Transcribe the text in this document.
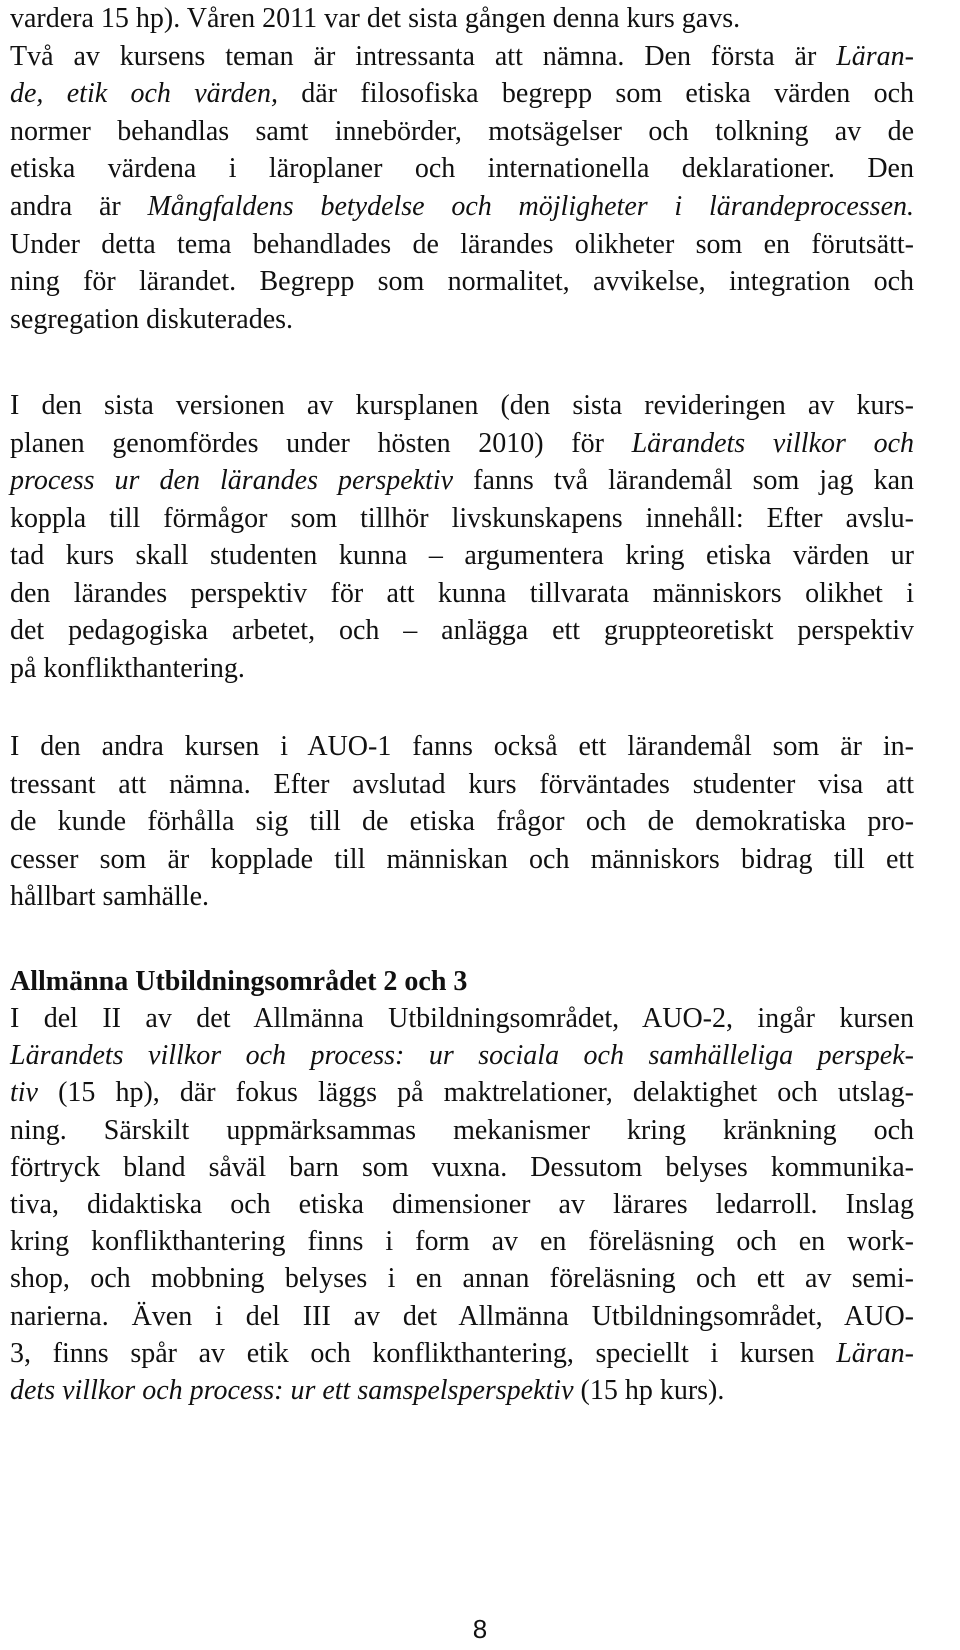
vardera 15 hp). Våren 2011 var det sista gången denna kurs gavs.
Två av kursens teman är intressanta att nämna. Den första är Läran-
de, etik och värden, där filosofiska begrepp som etiska värden och
normer behandlas samt innebörder, motsägelser och tolkning av de
etiska värdena i läroplaner och internationella deklarationer. Den
andra är Mångfaldens betydelse och möjligheter i lärandeprocessen.
Under detta tema behandlades de lärandes olikheter som en förutsätt-
ning för lärandet. Begrepp som normalitet, avvikelse, integration och
segregation diskuterades.
I den sista versionen av kursplanen (den sista revideringen av kurs-
planen genomfördes under hösten 2010) för Lärandets villkor och
process ur den lärandes perspektiv fanns två lärandemål som jag kan
koppla till förmågor som tillhör livskunskapens innehåll: Efter avslu-
tad kurs skall studenten kunna – argumentera kring etiska värden ur
den lärandes perspektiv för att kunna tillvarata människors olikhet i
det pedagogiska arbetet, och – anlägga ett gruppteoretiskt perspektiv
på konflikthantering.
I den andra kursen i AUO-1 fanns också ett lärandemål som är in-
tressant att nämna. Efter avslutad kurs förväntades studenter visa att
de kunde förhålla sig till de etiska frågor och de demokratiska pro-
cesser som är kopplade till människan och människors bidrag till ett
hållbart samhälle.
Allmänna Utbildningsområdet 2 och 3
I del II av det Allmänna Utbildningsområdet, AUO-2, ingår kursen
Lärandets villkor och process: ur sociala och samhälleliga perspek-
tiv (15 hp), där fokus läggs på maktrelationer, delaktighet och utslag-
ning. Särskilt uppmärksammas mekanismer kring kränkning och
förtryck bland såväl barn som vuxna. Dessutom belyses kommunika-
tiva, didaktiska och etiska dimensioner av lärares ledarroll. Inslag
kring konflikthantering finns i form av en föreläsning och en work-
shop, och mobbning belyses i en annan föreläsning och ett av semi-
narierna. Även i del III av det Allmänna Utbildningsområdet, AUO-
3, finns spår av etik och konflikthantering, speciellt i kursen Läran-
dets villkor och process: ur ett samspelsperspektiv (15 hp kurs).
8
